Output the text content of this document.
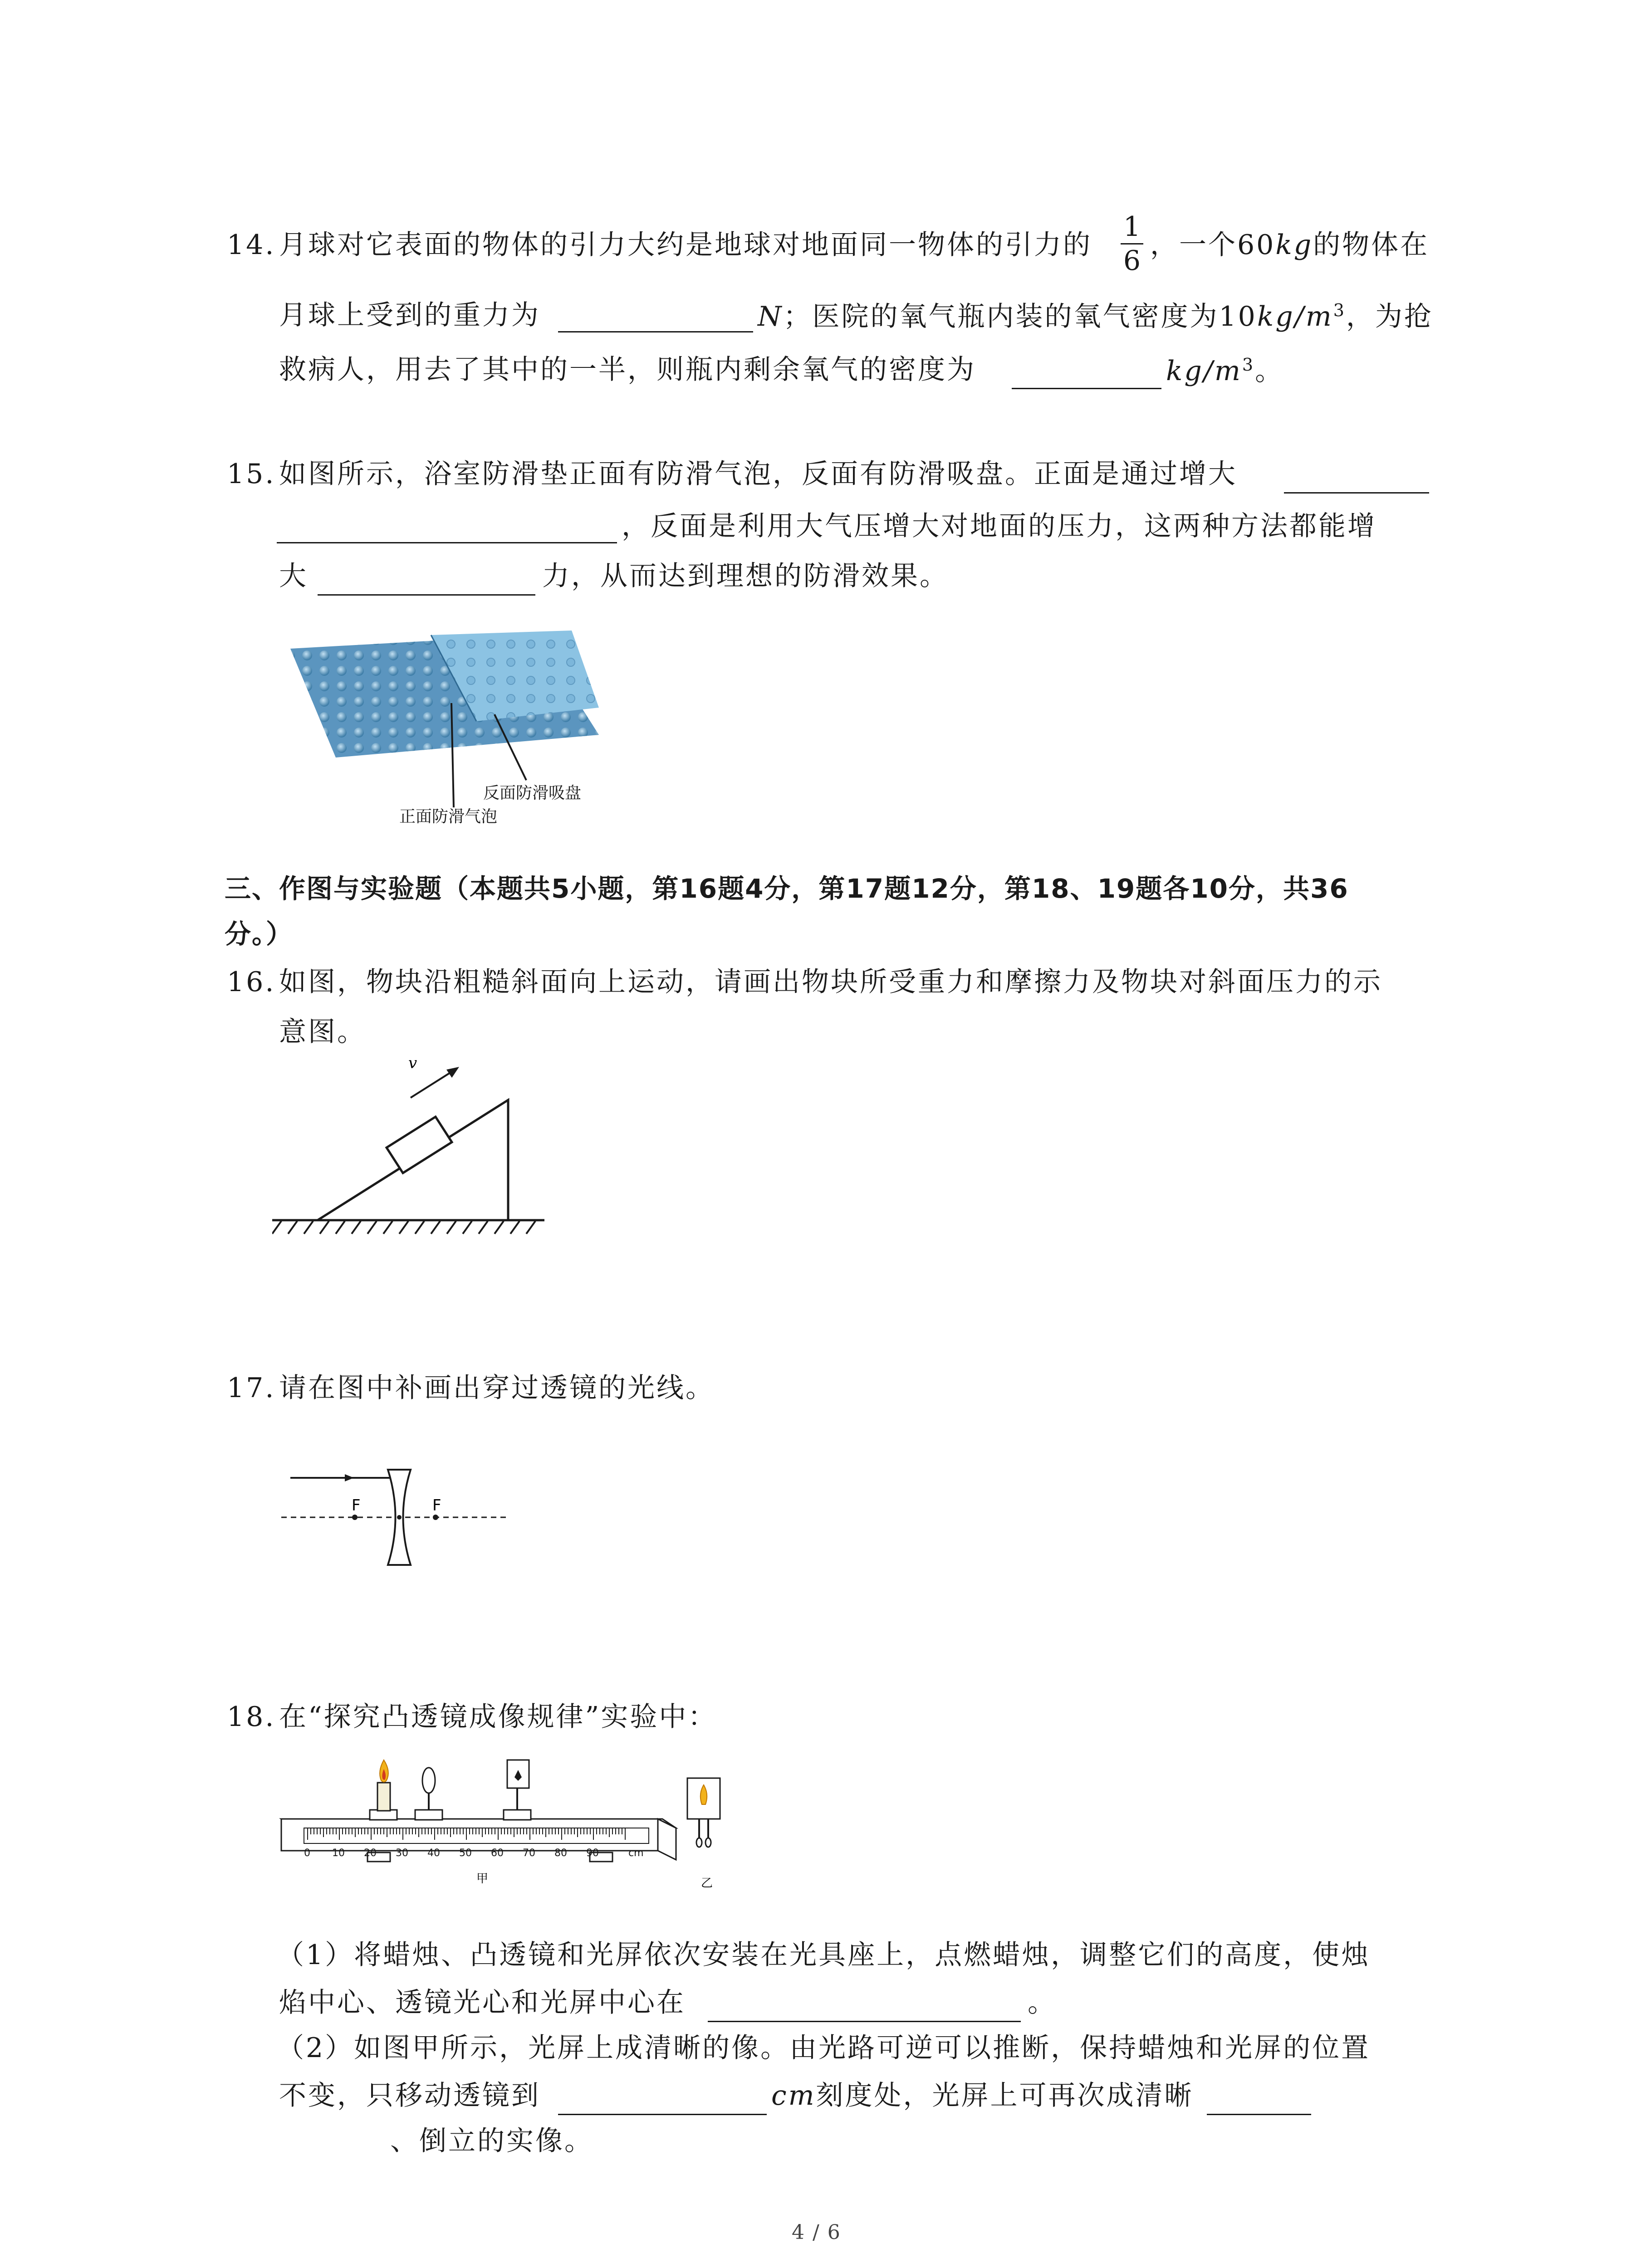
14. 月球对它表面的物体的引力大约是地球对地面同一物体的引力的
1
6 ，一个60kg的物体在
月球上受到的重力为	N；医院的氧气瓶内装的氧气密度为$10kg/m^3$，为抢
救病人，用去了其中的一半，则瓶内剩余氧气的密度为	$kg/m^3$。
15. 如图所示，浴室防滑垫正面有防滑气泡，反面有防滑吸盘。正面是通过增大
，反面是利用大气压增大对地面的压力，这两种方法都能增
大	力，从而达到理想的防滑效果。
反面防滑吸盘
正面防滑气泡
三、作图与实验题（本题共5小题，第16题4分，第17题12分，第18、19题各10分，共36
分。）
16. 如图，物块沿粗糙斜面向上运动，请画出物块所受重力和摩擦力及物块对斜面压力的示
意图。
v
17. 请在图中补画出穿过透镜的光线。
F	F
18. 在“探究凸透镜成像规律”实验中：
0 10 20 30 40 50 60 70 80 90	cm
甲	乙
（1）将蜡烛、凸透镜和光屏依次安装在光具座上，点燃蜡烛，调整它们的高度，使烛
焰中心、透镜光心和光屏中心在	。
（2）如图甲所示，光屏上成清晰的像。由光路可逆可以推断，保持蜡烛和光屏的位置
不变，只移动透镜到	cm刻度处，光屏上可再次成清晰
、倒立的实像。
4 / 6
